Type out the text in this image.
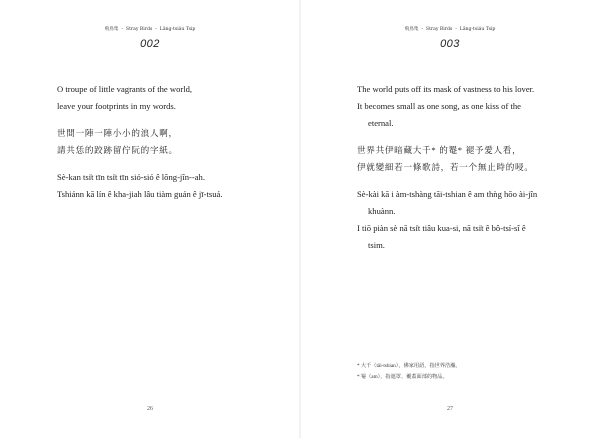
飛鳥集 ・ Stray Birds ・ Lâng-tsiáu Tsip
002
O troupe of little vagrants of the world,
leave your footprints in my words.
世間一陣一陣小小的浪人啊，
請共恁的跤跡留佇阮的字紙。
Sè-kan tsi̍t tīn tsi̍t tīn sió-sió ê lōng-jîn--ah.
Tshiánn kā lín ê kha-jiah lâu tiàm guán ê jī-tsuá.
26
飛鳥集 ・ Stray Birds ・ Lâng-tsiáu Tsip
003
The world puts off its mask of vastness to his lover.
It becomes small as one song, as one kiss of the
eternal.
世界共伊暗藏大千* 的罨* 褪予愛人看，
伊就變細若一條歌詩，若一个無止時的唚。
Sè-kài kā i àm-tshàng tāi-tshian ê am thǹg hōo ài-jîn
khuànn.
I tiō piàn sè nā tsi̍t tiâu kua-si, nā tsi̍t ê bô-tsí-sî ê
tsim.
* 大千（tāi-tshian），佛家用語，指世界浩瀚。
* 罨（am），指遮罩、覆蓋面部的物品。
27
